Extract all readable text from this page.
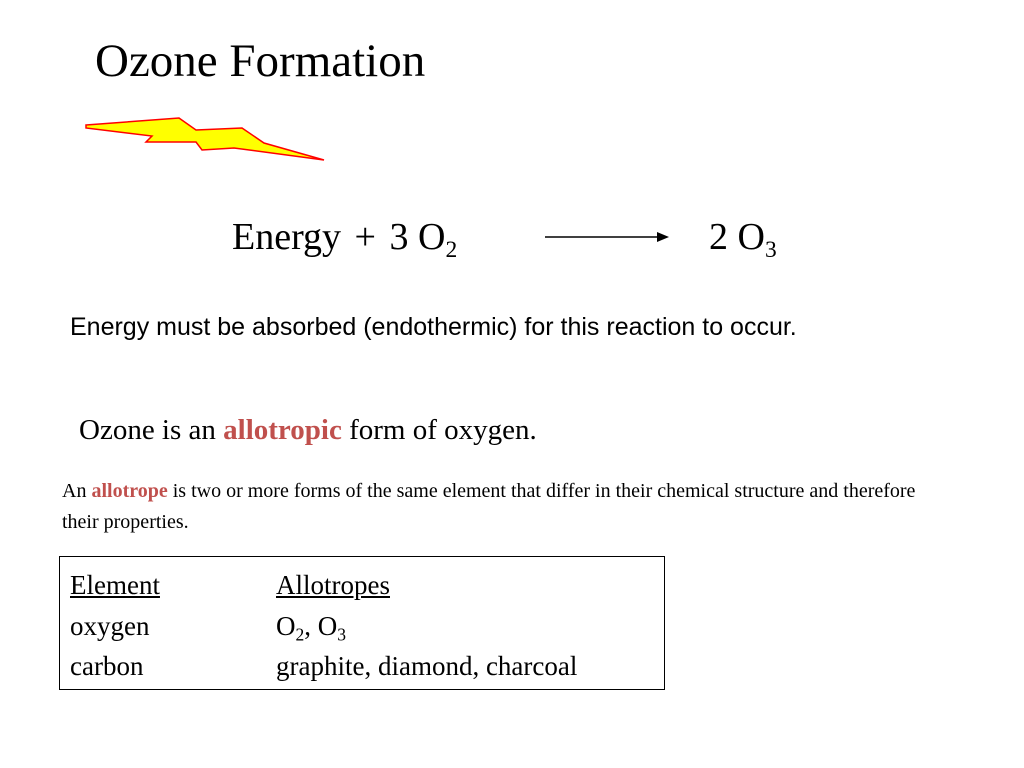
Ozone Formation
Energy + 3 $O_2$	2 $O_3$
Energy must be absorbed (endothermic) for this reaction to occur.
Ozone is an allotropic form of oxygen.
An allotrope is two or more forms of the same element that differ in their chemical structure and therefore their properties.
Element	Allotropes
oxygen	$O_2$, $O_3$
carbon	graphite, diamond, charcoal
